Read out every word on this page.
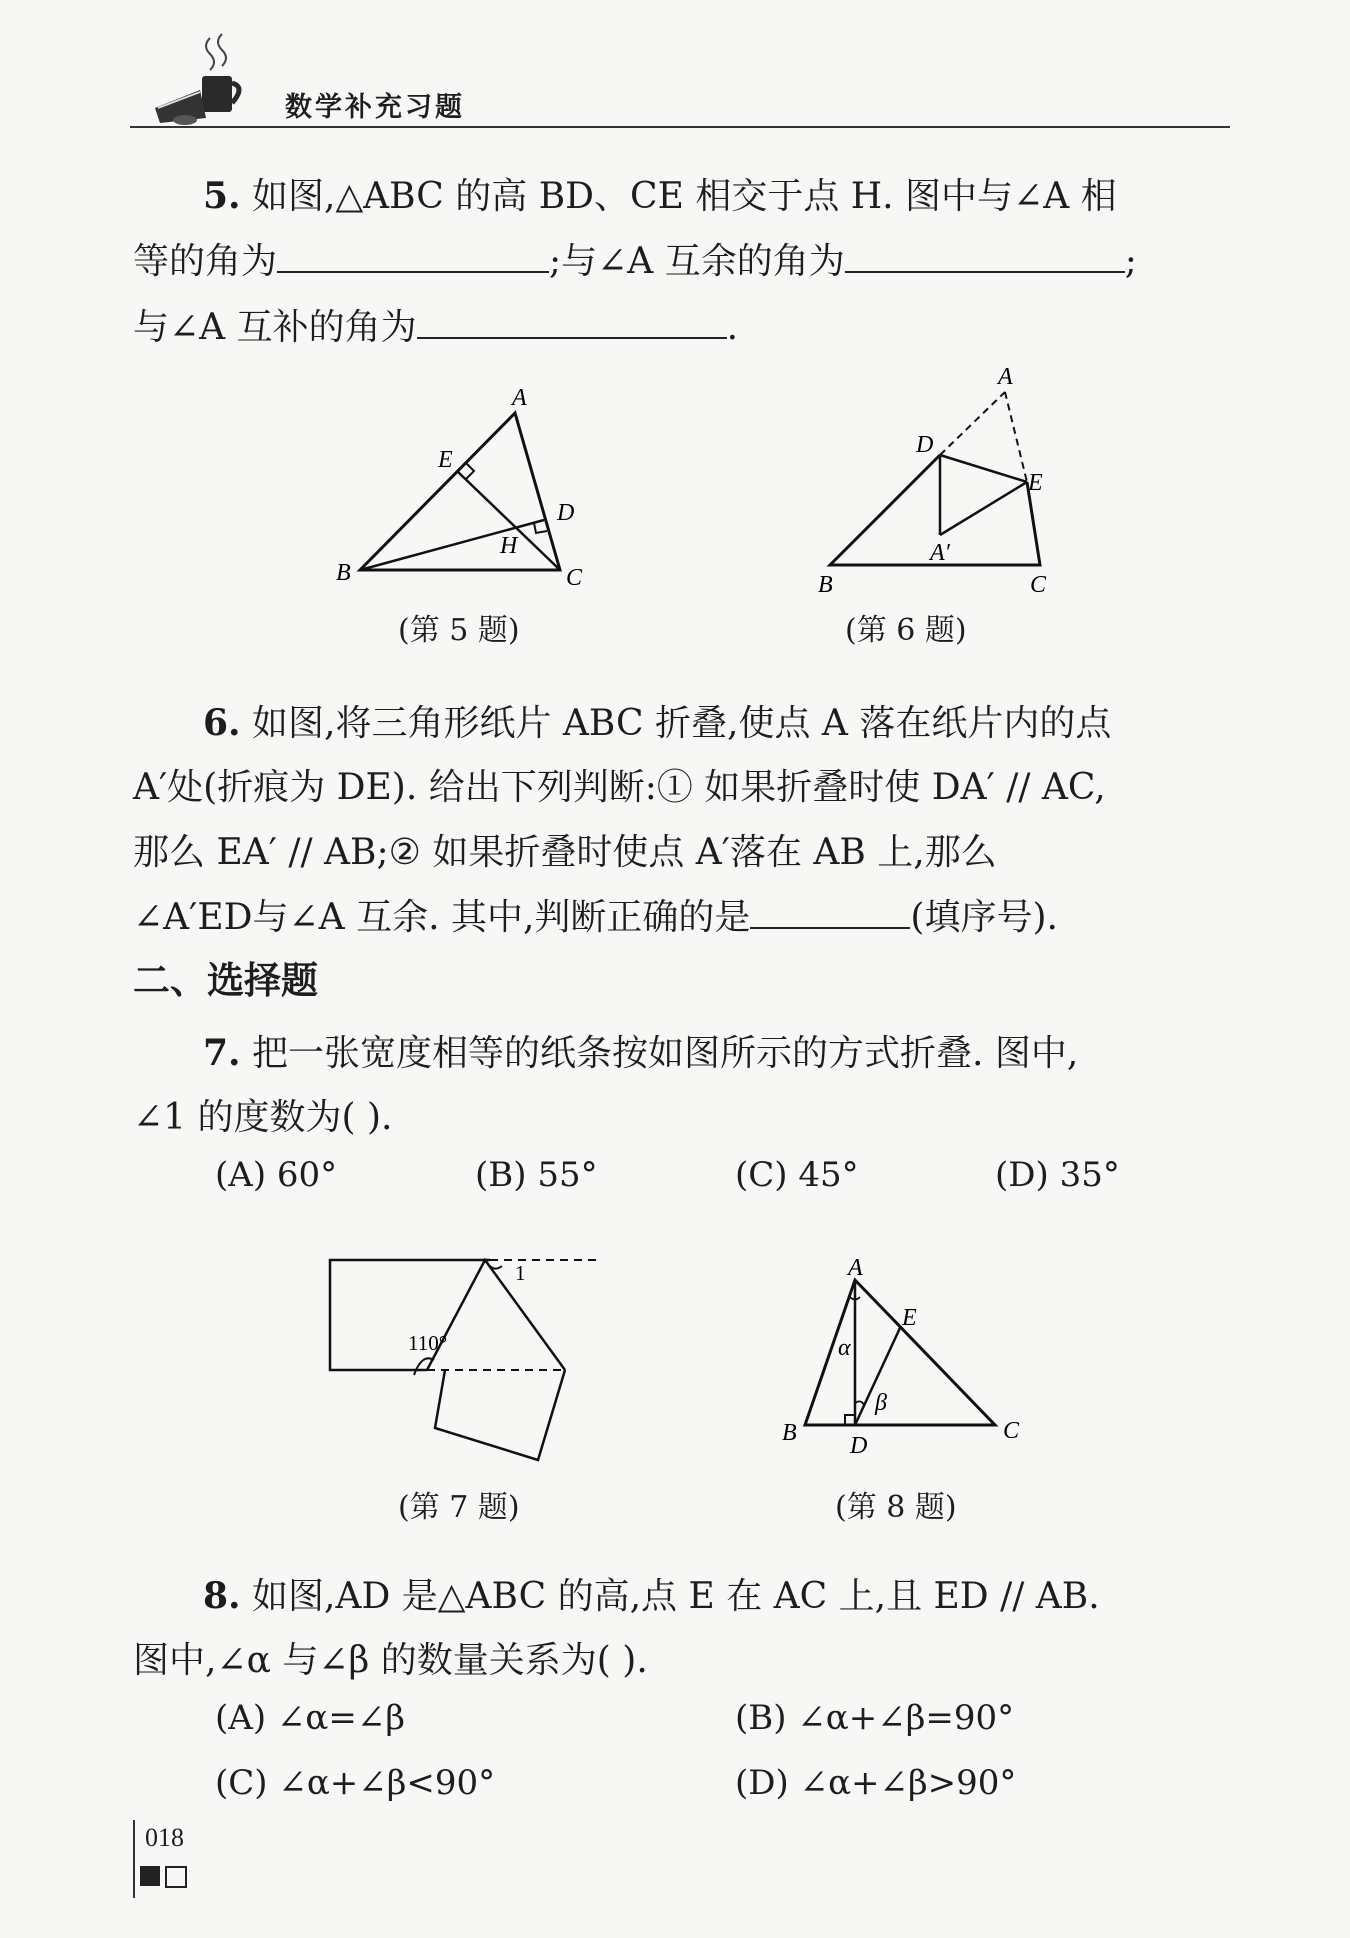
数学补充习题
5. 如图,△ABC 的高 BD、CE 相交于点 H. 图中与∠A 相
等的角为	;与∠A 互余的角为	;
与∠A 互补的角为	.
A
E
D
H
B	C
(第 5 题)
A
D
E
A′
B	C
(第 6 题)
6. 如图,将三角形纸片 ABC 折叠,使点 A 落在纸片内的点
A′处(折痕为 DE). 给出下列判断:① 如果折叠时使 DA′ // AC,
那么 EA′ // AB;② 如果折叠时使点 A′落在 AB 上,那么
∠A′ED与∠A 互余. 其中,判断正确的是	(填序号).
二、选择题
7. 把一张宽度相等的纸条按如图所示的方式折叠. 图中,
∠1 的度数为( ).
(A) 60°	(B) 55°	(C) 45°	(D) 35°
110°
1
(第 7 题)
A
E
α
β
B D
C
(第 8 题)
8. 如图,AD 是△ABC 的高,点 E 在 AC 上,且 ED // AB.
图中,∠α 与∠β 的数量关系为( ).
(A) ∠α=∠β	(B) ∠α+∠β=90°
(C) ∠α+∠β<90°	(D) ∠α+∠β>90°
018
